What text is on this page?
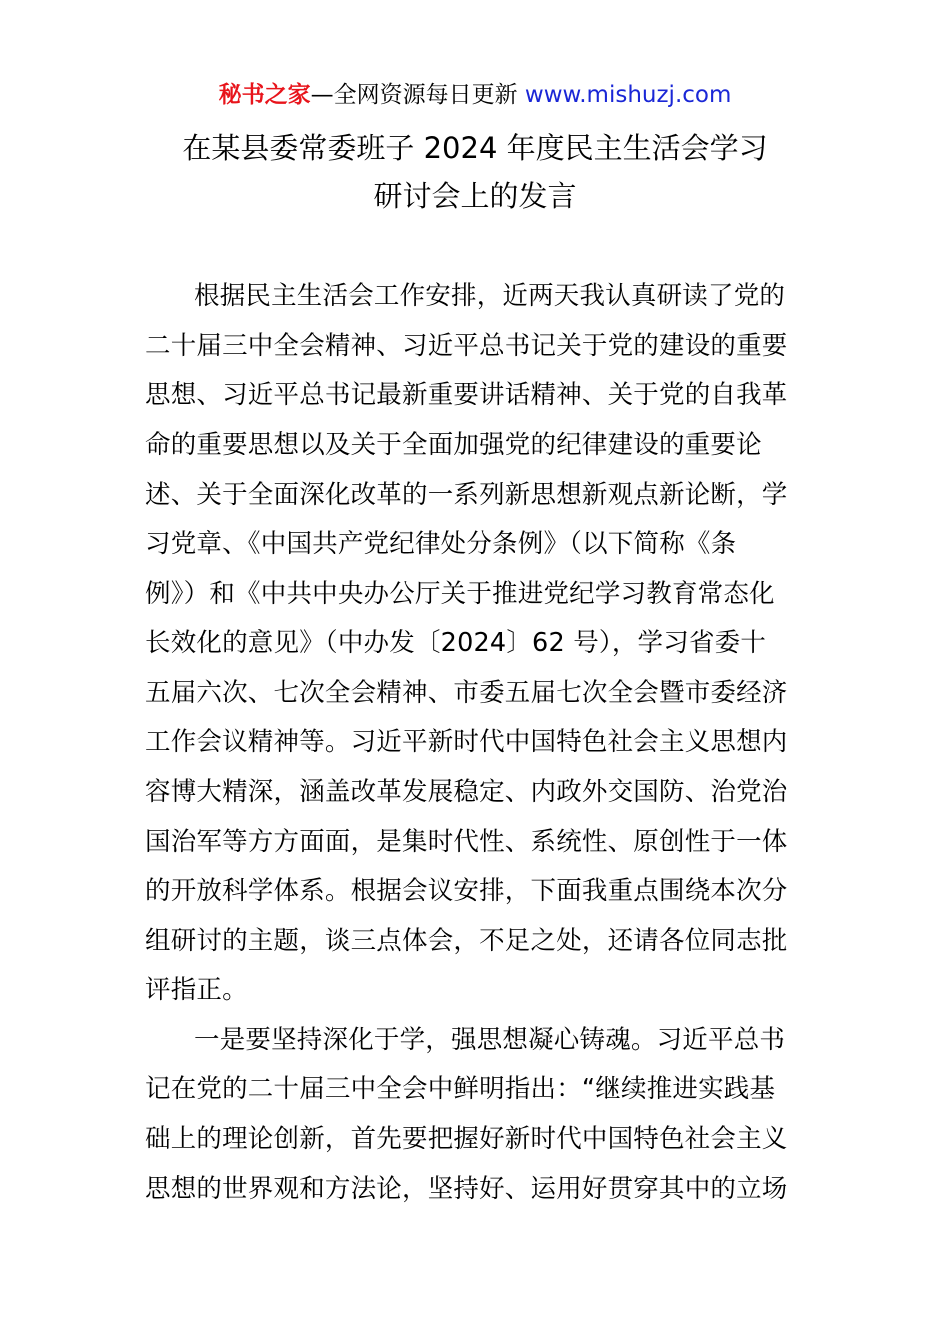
秘书之家—全网资源每日更新 www.mishuzj.com
在某县委常委班子 2024 年度民主生活会学习
研讨会上的发言
根据民主生活会工作安排，近两天我认真研读了党的
二十届三中全会精神、习近平总书记关于党的建设的重要
思想、习近平总书记最新重要讲话精神、关于党的自我革
命的重要思想以及关于全面加强党的纪律建设的重要论
述、关于全面深化改革的一系列新思想新观点新论断，学
习党章、《中国共产党纪律处分条例》（以下简称《条
例》）和《中共中央办公厅关于推进党纪学习教育常态化
长效化的意见》（中办发〔2024〕62 号），学习省委十
五届六次、七次全会精神、市委五届七次全会暨市委经济
工作会议精神等。习近平新时代中国特色社会主义思想内
容博大精深，涵盖改革发展稳定、内政外交国防、治党治
国治军等方方面面，是集时代性、系统性、原创性于一体
的开放科学体系。根据会议安排，下面我重点围绕本次分
组研讨的主题，谈三点体会，不足之处，还请各位同志批
评指正。
一是要坚持深化于学，强思想凝心铸魂。习近平总书
记在党的二十届三中全会中鲜明指出：“继续推进实践基
础上的理论创新，首先要把握好新时代中国特色社会主义
思想的世界观和方法论，坚持好、运用好贯穿其中的立场
